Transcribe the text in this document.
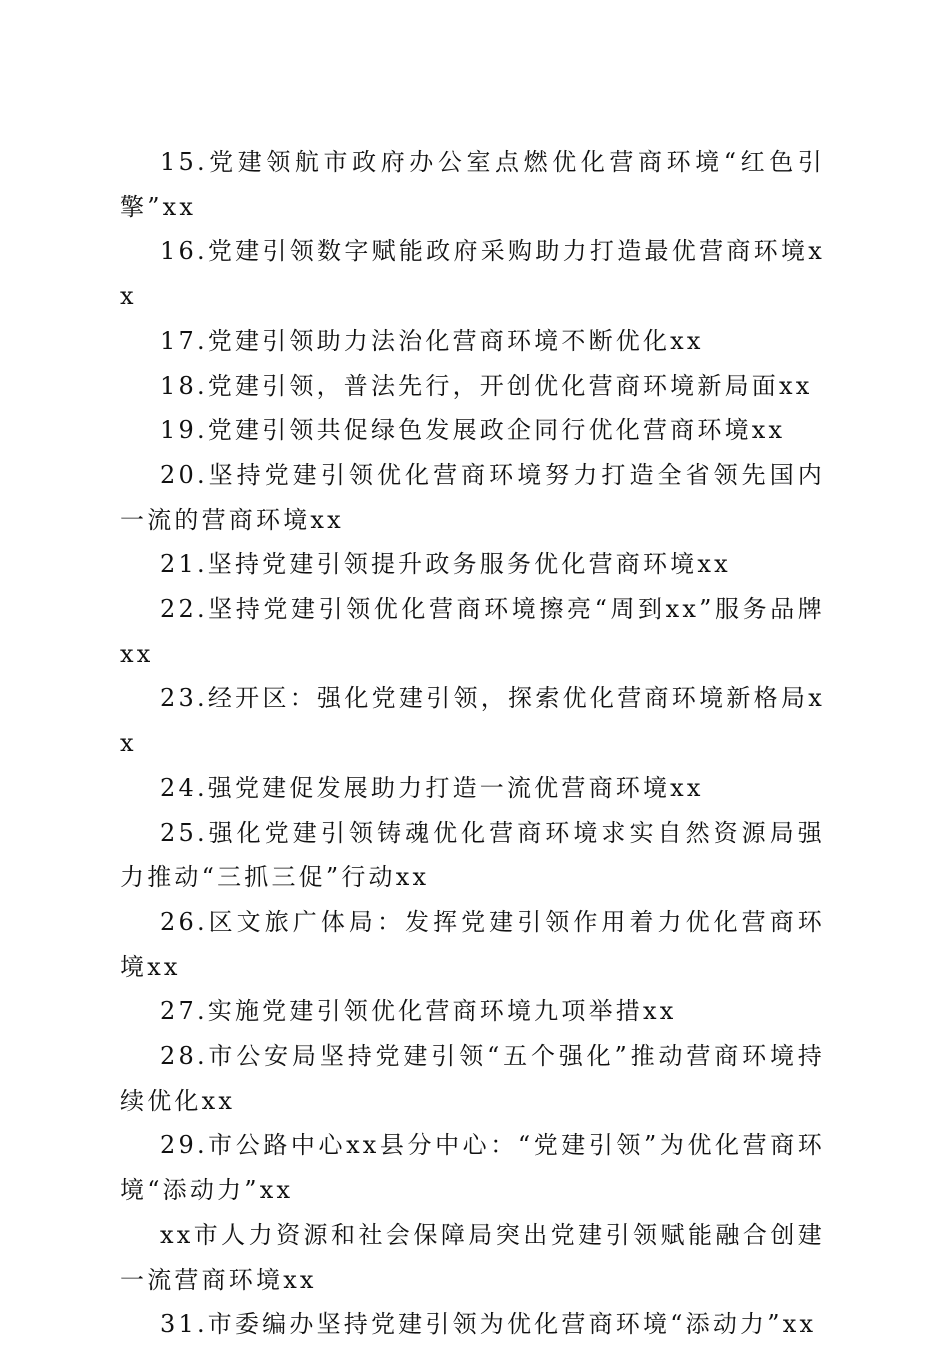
15.党建领航市政府办公室点燃优化营商环境“红色引擎”xx

16.党建引领数字赋能政府采购助力打造最优营商环境xx

17.党建引领助力法治化营商环境不断优化xx

18.党建引领，普法先行，开创优化营商环境新局面xx

19.党建引领共促绿色发展政企同行优化营商环境xx

20.坚持党建引领优化营商环境努力打造全省领先国内一流的营商环境xx

21.坚持党建引领提升政务服务优化营商环境xx

22.坚持党建引领优化营商环境擦亮“周到xx”服务品牌xx

23.经开区：强化党建引领，探索优化营商环境新格局xx

24.强党建促发展助力打造一流优营商环境xx

25.强化党建引领铸魂优化营商环境求实自然资源局强力推动“三抓三促”行动xx

26.区文旅广体局：发挥党建引领作用着力优化营商环境xx

27.实施党建引领优化营商环境九项举措xx

28.市公安局坚持党建引领“五个强化”推动营商环境持续优化xx

29.市公路中心xx县分中心：“党建引领”为优化营商环境“添动力”xx

xx市人力资源和社会保障局突出党建引领赋能融合创建一流营商环境xx

31.市委编办坚持党建引领为优化营商环境“添动力”xx
